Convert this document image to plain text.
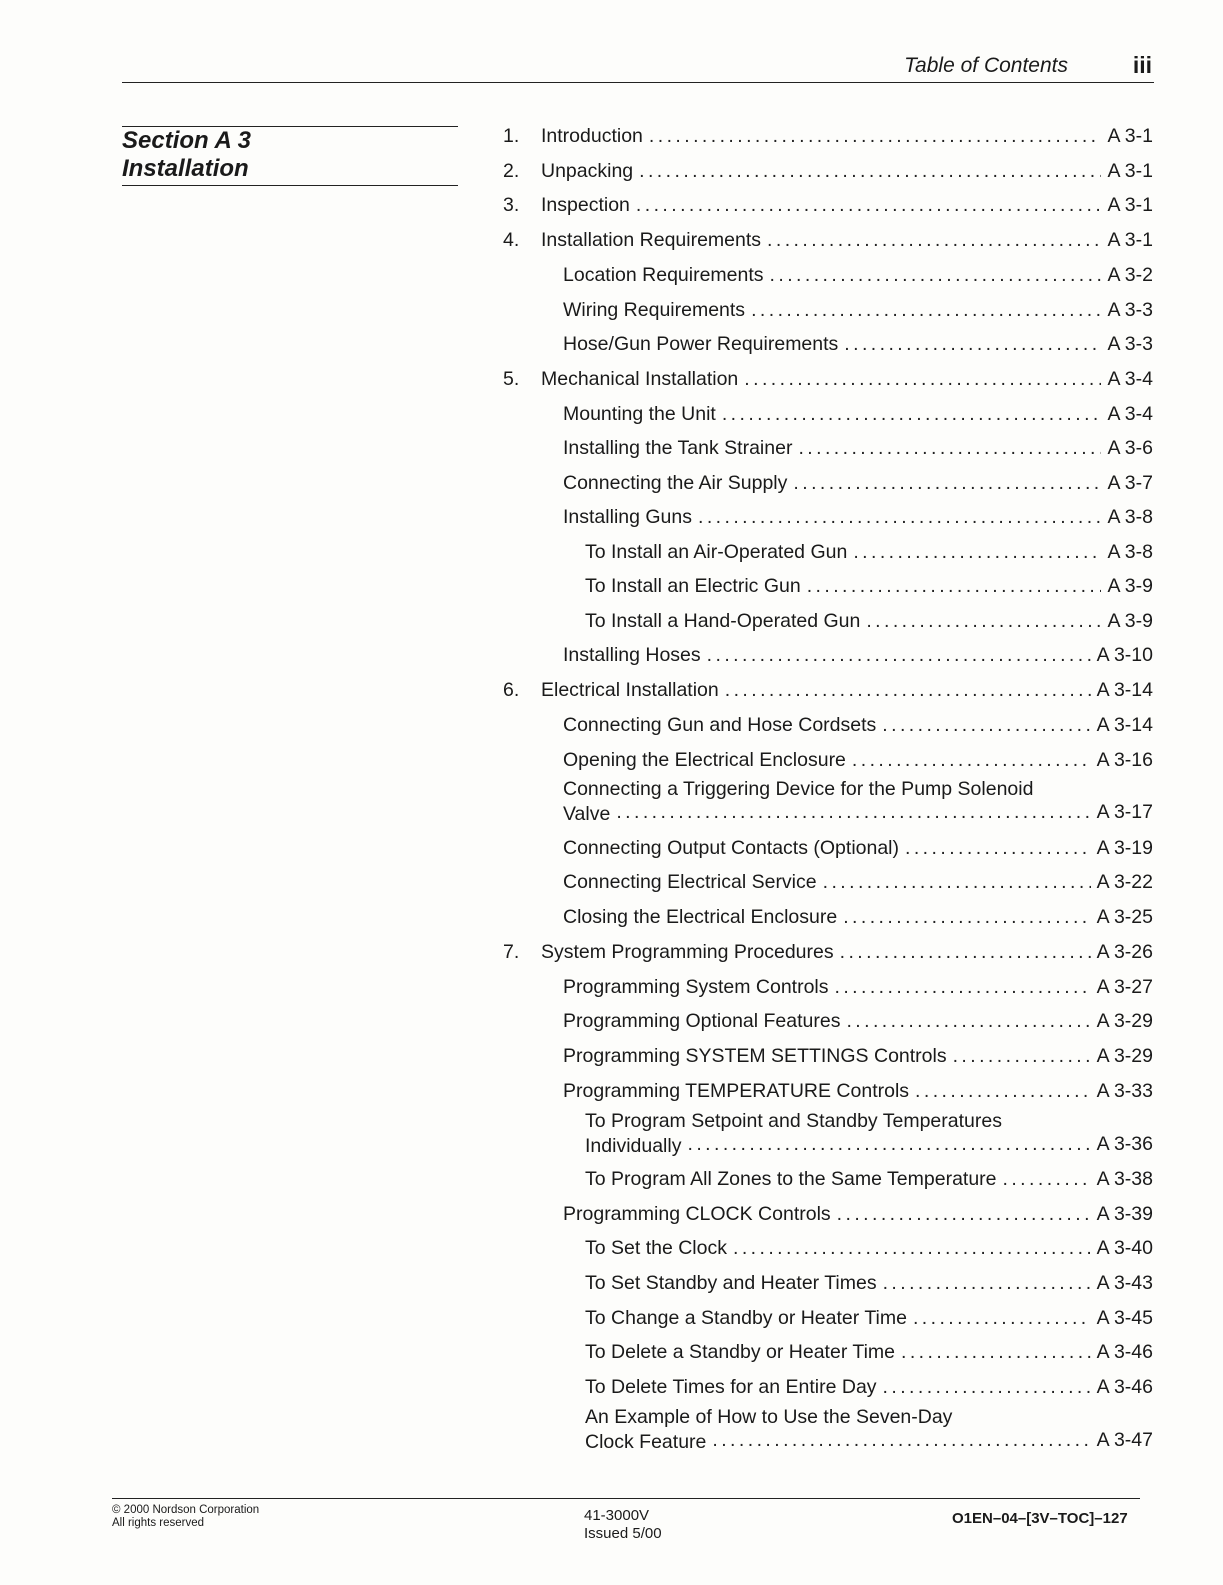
Table of Contents	iii
Section A 3
Installation
1.	Introduction . . .	A 3-1
2.	Unpacking . . .	A 3-1
3.	Inspection . . .	A 3-1
4.	Installation Requirements . . .	A 3-1
Location Requirements . . .	A 3-2
Wiring Requirements . . .	A 3-3
Hose/Gun Power Requirements . . .	A 3-3
5.	Mechanical Installation . . .	A 3-4
Mounting the Unit . . .	A 3-4
Installing the Tank Strainer . . .	A 3-6
Connecting the Air Supply . . .	A 3-7
Installing Guns . . .	A 3-8
To Install an Air-Operated Gun . . .	A 3-8
To Install an Electric Gun . . .	A 3-9
To Install a Hand-Operated Gun . . .	A 3-9
Installing Hoses . . .	A 3-10
6.	Electrical Installation . . .	A 3-14
Connecting Gun and Hose Cordsets . . .	A 3-14
Opening the Electrical Enclosure . . .	A 3-16
Connecting a Triggering Device for the Pump Solenoid
Valve . . .	A 3-17
Connecting Output Contacts (Optional) . . .	A 3-19
Connecting Electrical Service . . .	A 3-22
Closing the Electrical Enclosure . . .	A 3-25
7.	System Programming Procedures . . .	A 3-26
Programming System Controls . . .	A 3-27
Programming Optional Features . . .	A 3-29
Programming SYSTEM SETTINGS Controls . . .	A 3-29
Programming TEMPERATURE Controls . . .	A 3-33
To Program Setpoint and Standby Temperatures
Individually . . .	A 3-36
To Program All Zones to the Same Temperature . . .	A 3-38
Programming CLOCK Controls . . .	A 3-39
To Set the Clock . . .	A 3-40
To Set Standby and Heater Times . . .	A 3-43
To Change a Standby or Heater Time . . .	A 3-45
To Delete a Standby or Heater Time . . .	A 3-46
To Delete Times for an Entire Day . . .	A 3-46
An Example of How to Use the Seven-Day
Clock Feature . . .	A 3-47
© 2000 Nordson Corporation
All rights reserved	41-3000V
Issued 5/00
O1EN–04–[3V–TOC]–127
